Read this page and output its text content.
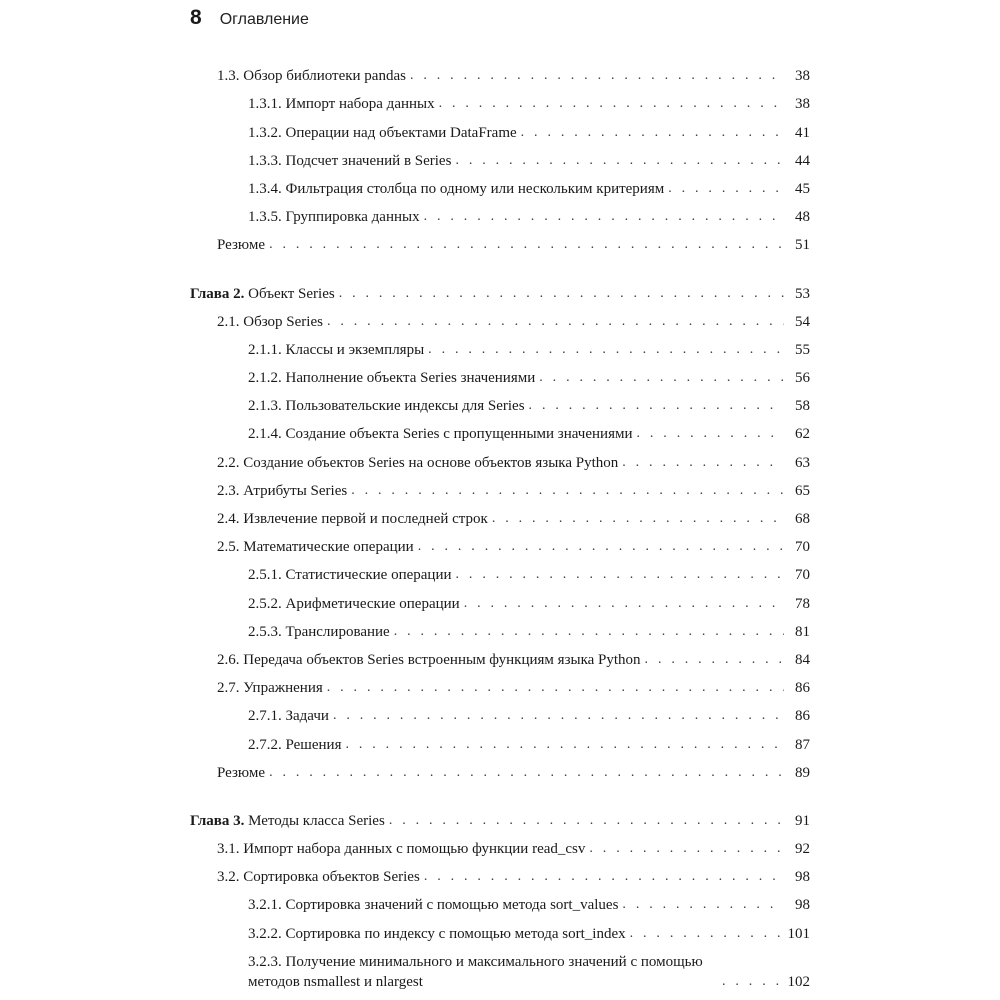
8 Оглавление
1.3. Обзор библиотеки pandas . . .	38
1.3.1. Импорт набора данных . . .	38
1.3.2. Операции над объектами DataFrame . . .	41
1.3.3. Подсчет значений в Series . . .	44
1.3.4. Фильтрация столбца по одному или нескольким критериям . . .	45
1.3.5. Группировка данных . . .	48
Резюме . . .	51
Глава 2. Объект Series . . .	53
2.1. Обзор Series . . .	54
2.1.1. Классы и экземпляры . . .	55
2.1.2. Наполнение объекта Series значениями . . .	56
2.1.3. Пользовательские индексы для Series . . .	58
2.1.4. Создание объекта Series с пропущенными значениями . . .	62
2.2. Создание объектов Series на основе объектов языка Python . . .	63
2.3. Атрибуты Series . . .	65
2.4. Извлечение первой и последней строк . . .	68
2.5. Математические операции . . .	70
2.5.1. Статистические операции . . .	70
2.5.2. Арифметические операции . . .	78
2.5.3. Транслирование . . .	81
2.6. Передача объектов Series встроенным функциям языка Python . . .	84
2.7. Упражнения . . .	86
2.7.1. Задачи . . .	86
2.7.2. Решения . . .	87
Резюме . . .	89
Глава 3. Методы класса Series . . .	91
3.1. Импорт набора данных с помощью функции read_csv . . .	92
3.2. Сортировка объектов Series . . .	98
3.2.1. Сортировка значений с помощью метода sort_values . . .	98
3.2.2. Сортировка по индексу с помощью метода sort_index . . .	101
3.2.3. Получение минимального и максимального значений с помощью методов nsmallest и nlargest . . .	102
